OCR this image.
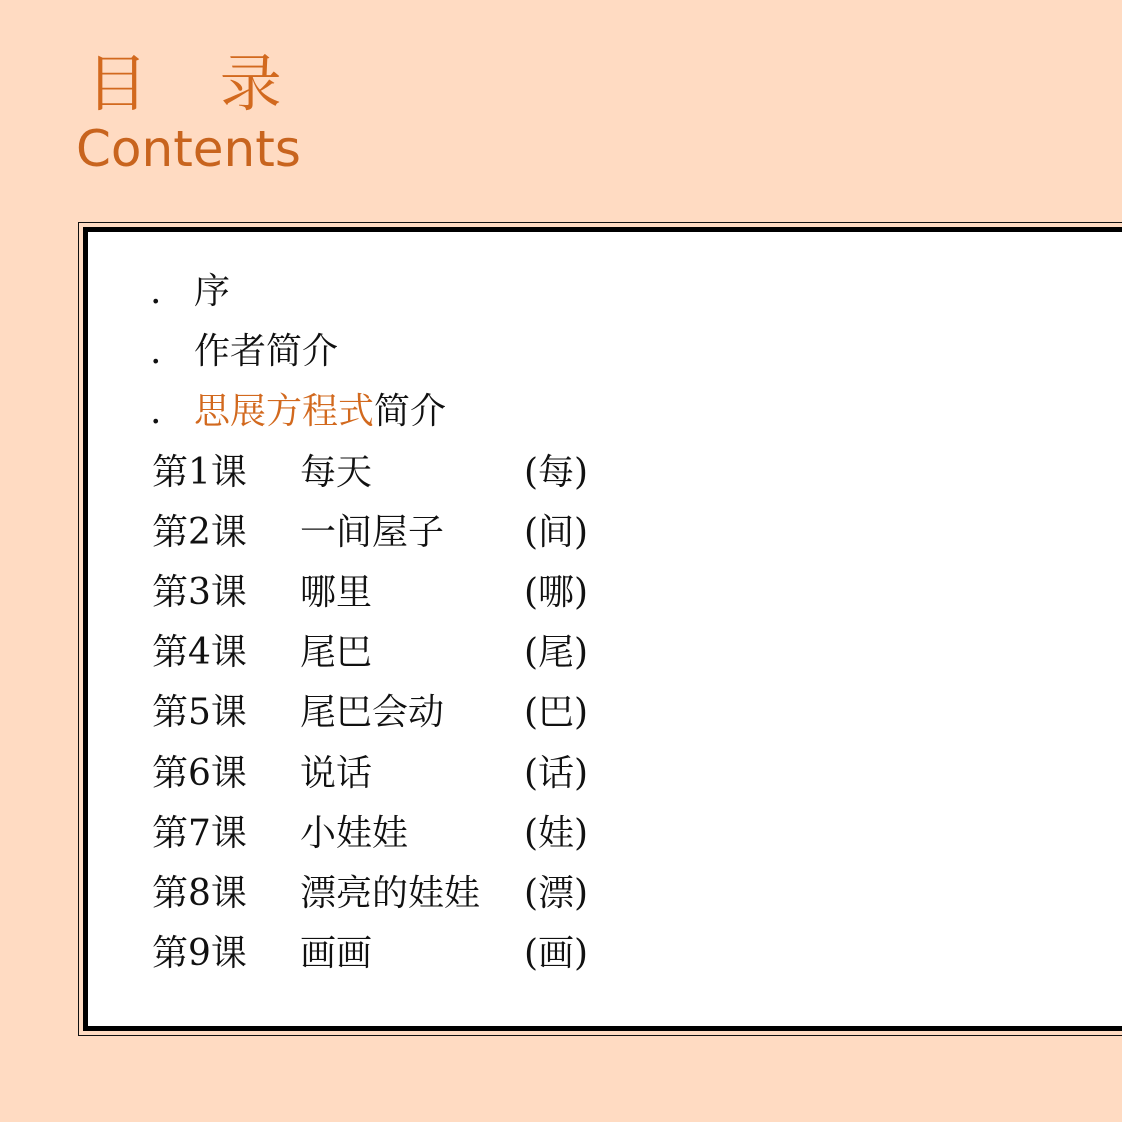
目 录
Contents
. 序
. 作者简介
. 思展方程式简介
第1课 每天	(每)
第2课 一间屋子 (间)
第3课 哪里	(哪)
第4课 尾巴	(尾)
第5课 尾巴会动 (巴)
第6课 说话	(话)
第7课 小娃娃	(娃)
第8课 漂亮的娃娃 (漂)
第9课 画画	(画)
